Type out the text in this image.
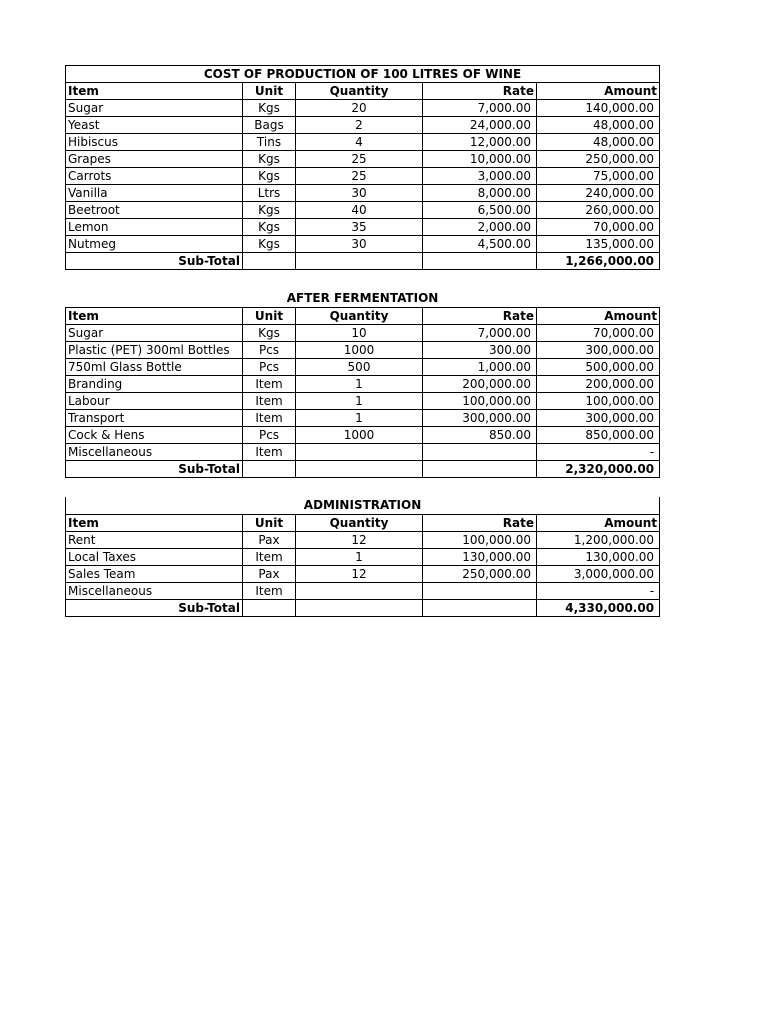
COST OF PRODUCTION OF 100 LITRES OF WINE				
Item	Unit	Quantity	Rate	Amount
Sugar	Kgs	20	7,000.00	140,000.00
Yeast	Bags	2	24,000.00	48,000.00
Hibiscus	Tins	4	12,000.00	48,000.00
Grapes	Kgs	25	10,000.00	250,000.00
Carrots	Kgs	25	3,000.00	75,000.00
Vanilla	Ltrs	30	8,000.00	240,000.00
Beetroot	Kgs	40	6,500.00	260,000.00
Lemon	Kgs	35	2,000.00	70,000.00
Nutmeg	Kgs	30	4,500.00	135,000.00
Sub-Total				1,266,000.00
AFTER FERMENTATION				
Item	Unit	Quantity	Rate	Amount
Sugar	Kgs	10	7,000.00	70,000.00
Plastic (PET) 300ml Bottles	Pcs	1000	300.00	300,000.00
750ml Glass Bottle	Pcs	500	1,000.00	500,000.00
Branding	Item	1	200,000.00	200,000.00
Labour	Item	1	100,000.00	100,000.00
Transport	Item	1	300,000.00	300,000.00
Cock & Hens	Pcs	1000	850.00	850,000.00
Miscellaneous	Item			-
Sub-Total				2,320,000.00
ADMINISTRATION				
Item	Unit	Quantity	Rate	Amount
Rent	Pax	12	100,000.00	1,200,000.00
Local Taxes	Item	1	130,000.00	130,000.00
Sales Team	Pax	12	250,000.00	3,000,000.00
Miscellaneous	Item			-
Sub-Total				4,330,000.00
